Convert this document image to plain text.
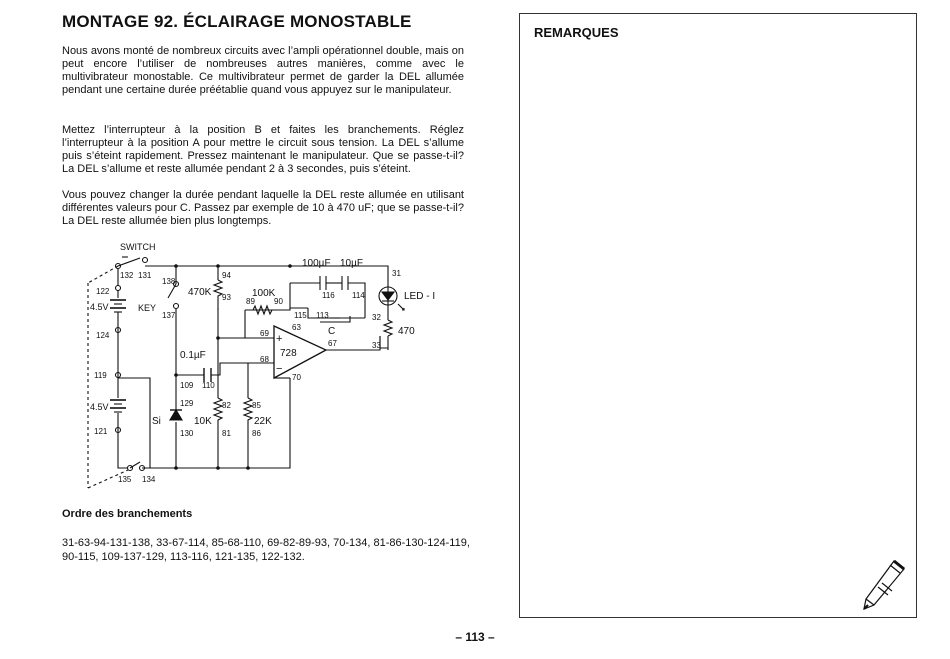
MONTAGE 92. ÉCLAIRAGE MONOSTABLE

Nous avons monté de nombreux circuits avec l’ampli opérationnel double, mais on peut encore l’utiliser de nombreuses autres manières, comme avec le multivibrateur monostable. Ce multivibrateur permet de garder la DEL allumée pendant une certaine durée préétablie quand vous appuyez sur le manipulateur.

Mettez l’interrupteur à la position B et faites les branchements. Réglez l’interrupteur à la position A pour mettre le circuit sous tension. La DEL s’allume puis s’éteint rapidement. Pressez maintenant le manipulateur. Que se passe-t-il? La DEL s’allume et reste allumée pendant 2 à 3 secondes, puis s’éteint.

Vous pouvez changer la durée pendant laquelle la DEL reste allumée en utilisant différentes valeurs pour C. Passez par exemple de 10 à 470 uF; que se passe-t-il? La DEL reste allumée bien plus longtemps.

SWITCH
132 131
135 134
4.5V
122
124
4.5V
119
121
KEY
138
137
470K
94
93 100K
89 90
100µF 10µF
C
116 114
115 113
LED - I
31
32
470
33
728
+
−
63
69
68
67
70
0.1µF
109 110
Si
129
130
10K
82
81
22K
85
86
Ordre des branchements

31-63-94-131-138, 33-67-114, 85-68-110, 69-82-89-93, 70-134, 81-86-130-124-119, 90-115, 109-137-129, 113-116, 121-135, 122-132.

REMARQUES
– 113 –
